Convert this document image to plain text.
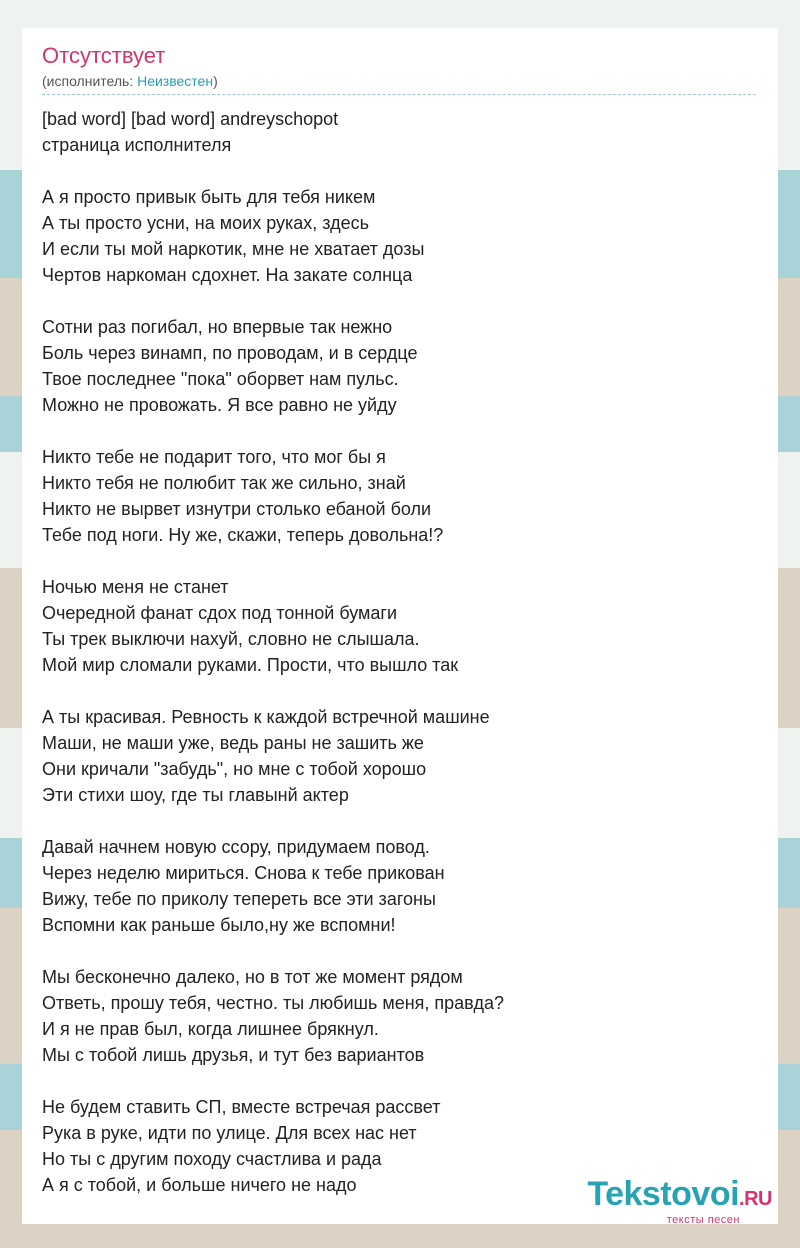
Отсутствует
(исполнитель: Неизвестен)
[bad word] [bad word] andreyschopot
страница исполнителя
А я просто привык быть для тебя никем
А ты просто усни, на моих руках, здесь
И если ты мой наркотик, мне не хватает дозы
Чертов наркоман сдохнет. На закате солнца
Сотни раз погибал, но впервые так нежно
Боль через винамп, по проводам, и в сердце
Твое последнее "пока" оборвет нам пульс.
Можно не провожать. Я все равно не уйду
Никто тебе не подарит того, что мог бы я
Никто тебя не полюбит так же сильно, знай
Никто не вырвет изнутри столько ебаной боли
Тебе под ноги. Ну же, скажи, теперь довольна!?
Ночью меня не станет
Очередной фанат сдох под тонной бумаги
Ты трек выключи нахуй, словно не слышала.
Мой мир сломали руками. Прости, что вышло так
А ты красивая. Ревность к каждой встречной машине
Маши, не маши уже, ведь раны не зашить же
Они кричали "забудь", но мне с тобой хорошо
Эти стихи шоу, где ты главынй актер
Давай начнем новую ссору, придумаем повод.
Через неделю мириться. Снова к тебе прикован
Вижу, тебе по приколу тепереть все эти загоны
Вспомни как раньше было,ну же вспомни!
Мы бесконечно далеко, но в тот же момент рядом
Ответь, прошу тебя, честно. ты любишь меня, правда?
И я не прав был, когда лишнее брякнул.
Мы с тобой лишь друзья, и тут без вариантов
Не будем ставить СП, вместе встречая рассвет
Рука в руке, идти по улице. Для всех нас нет
Но ты с другим походу счастлива и рада
А я с тобой, и больше ничего не надо	Tekstovoi.RU
тексты песен
